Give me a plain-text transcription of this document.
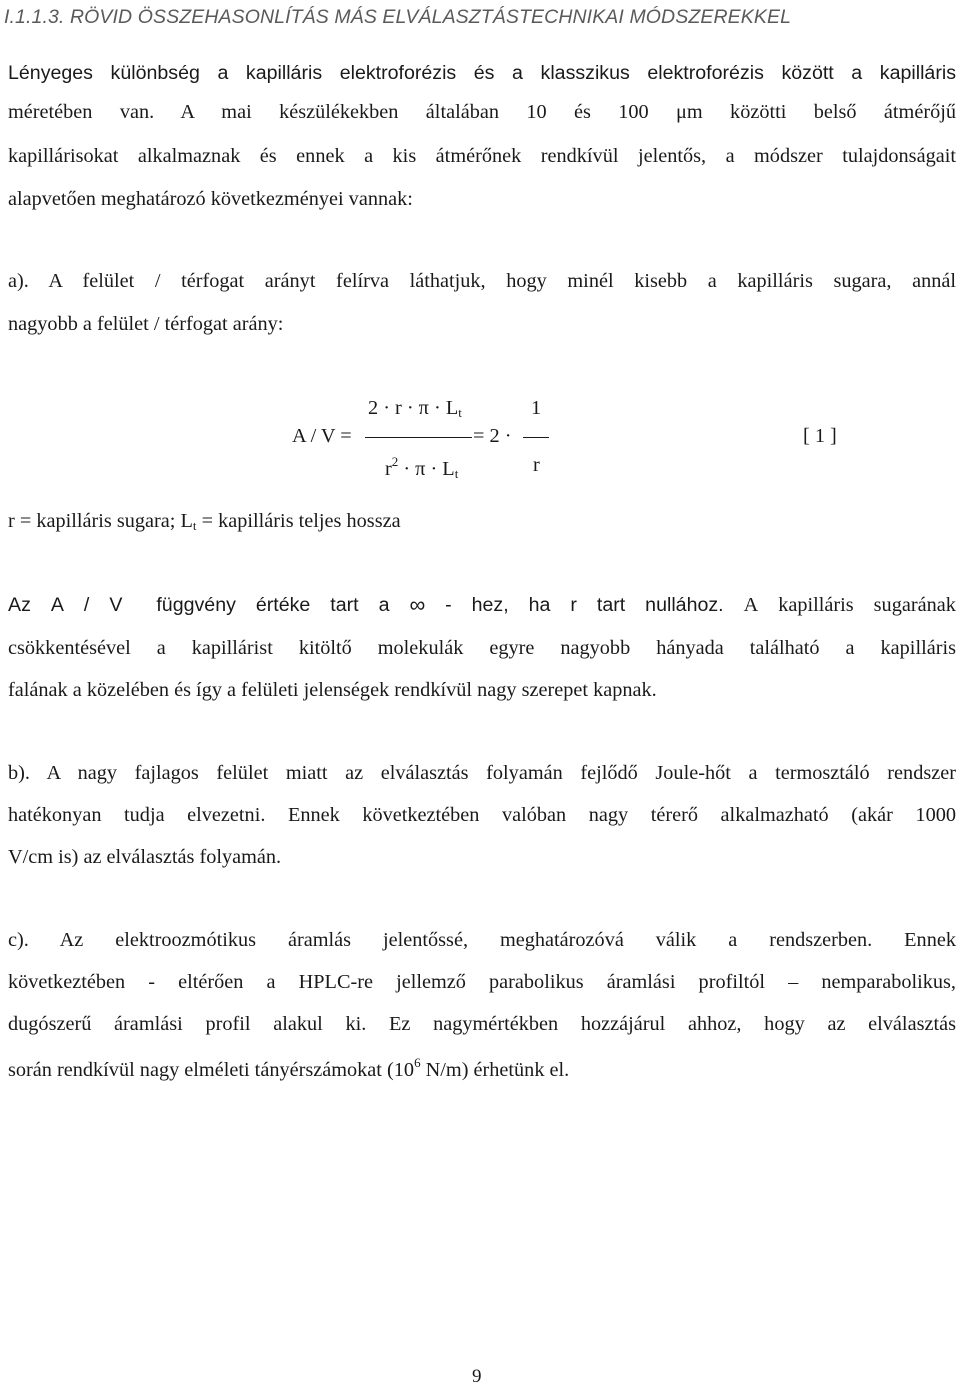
I.1.1.3. RÖVID ÖSSZEHASONLÍTÁS MÁS ELVÁLASZTÁSTECHNIKAI MÓDSZEREKKEL
Lényeges különbség a kapilláris elektroforézis és a klasszikus elektroforézis között a kapilláris
méretében van. A mai készülékekben általában 10 és 100 μm közötti belső átmérőjű
kapillárisokat alkalmaznak és ennek a kis átmérőnek rendkívül jelentős, a módszer tulajdonságait
alapvetően meghatározó következményei vannak:
a). A felület / térfogat arányt felírva láthatjuk, hogy minél kisebb a kapilláris sugara, annál
nagyobb a felület / térfogat arány:
A / V =
$2 \cdot r \cdot \pi \cdot L_t$
$r^2 \cdot \pi \cdot L_t$
= 2 ·
1
r
[ 1 ]
r = kapilláris sugara; $L_t$ = kapilláris teljes hossza
Az A / V függvény értéke tart a ∞ - hez, ha r tart nullához. A kapilláris sugarának
csökkentésével a kapillárist kitöltő molekulák egyre nagyobb hányada található a kapilláris
falának a közelében és így a felületi jelenségek rendkívül nagy szerepet kapnak.
b). A nagy fajlagos felület miatt az elválasztás folyamán fejlődő Joule-hőt a termosztáló rendszer
hatékonyan tudja elvezetni. Ennek következtében valóban nagy térerő alkalmazható (akár 1000
V/cm is) az elválasztás folyamán.
c). Az elektroozmótikus áramlás jelentőssé, meghatározóvá válik a rendszerben. Ennek
következtében - eltérően a HPLC-re jellemző parabolikus áramlási profiltól – nemparabolikus,
dugószerű áramlási profil alakul ki. Ez nagymértékben hozzájárul ahhoz, hogy az elválasztás
során rendkívül nagy elméleti tányérszámokat ($10^6$ N/m) érhetünk el.
9
